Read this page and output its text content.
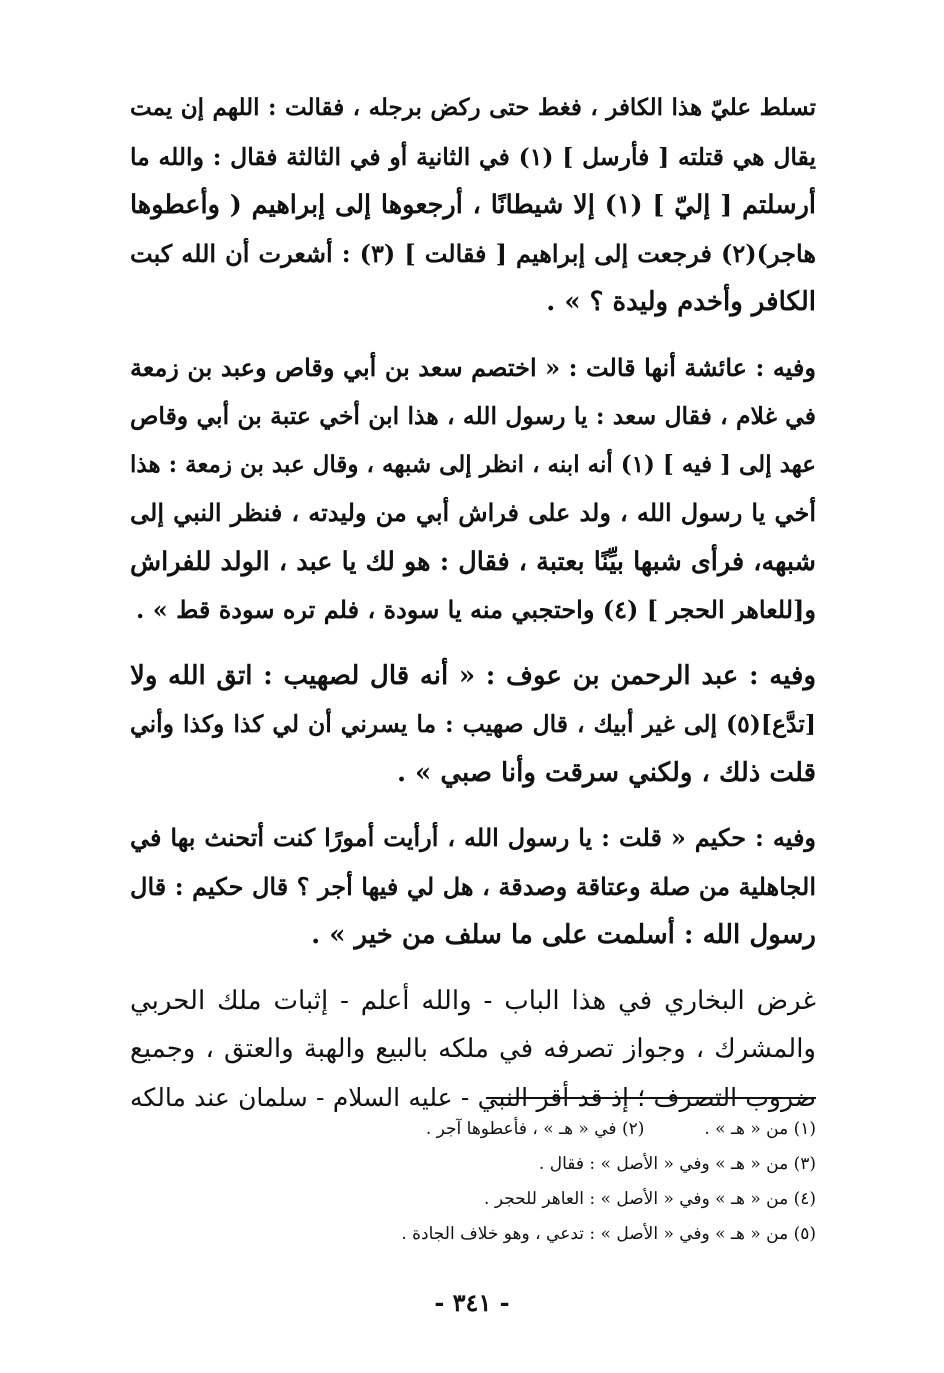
تسلط عليّ هذا الكافر ، فغط حتى ركض برجله ، فقالت : اللهم إن يمت
يقال هي قتلته [ فأرسل ] (١) في الثانية أو في الثالثة فقال : والله ما
أرسلتم [ إليّ ] (١) إلا شيطانًا ، أرجعوها إلى إبراهيم ( وأعطوها
هاجر)(٢) فرجعت إلى إبراهيم [ فقالت ] (٣) : أشعرت أن الله كبت
الكافر وأخدم وليدة ؟ » .
وفيه : عائشة أنها قالت : « اختصم سعد بن أبي وقاص وعبد بن زمعة
في غلام ، فقال سعد : يا رسول الله ، هذا ابن أخي عتبة بن أبي وقاص
عهد إلى [ فيه ] (١) أنه ابنه ، انظر إلى شبهه ، وقال عبد بن زمعة : هذا
أخي يا رسول الله ، ولد على فراش أبي من وليدته ، فنظر النبي إلى
شبهه، فرأى شبها بيِّنًا بعتبة ، فقال : هو لك يا عبد ، الولد للفراش
و[للعاهر الحجر ] (٤) واحتجبي منه يا سودة ، فلم تره سودة قط » .
وفيه : عبد الرحمن بن عوف : « أنه قال لصهيب : اتق الله ولا
[تدَّع](٥) إلى غير أبيك ، قال صهيب : ما يسرني أن لي كذا وكذا وأني
قلت ذلك ، ولكني سرقت وأنا صبي » .
وفيه : حكيم « قلت : يا رسول الله ، أرأيت أمورًا كنت أتحنث بها في
الجاهلية من صلة وعتاقة وصدقة ، هل لي فيها أجر ؟ قال حكيم : قال
رسول الله : أسلمت على ما سلف من خير » .
غرض البخاري في هذا الباب - والله أعلم - إثبات ملك الحربي
والمشرك ، وجواز تصرفه في ملكه بالبيع والهبة والعتق ، وجميع
ضروب التصرف ؛ إذ قد أقر النبي - عليه السلام - سلمان عند مالكه
(١) من « هـ » .(٢) في « هـ » ، فأعطوها آجر .
(٣) من « هـ » وفي « الأصل » : فقال .
(٤) من « هـ » وفي « الأصل » : العاهر للحجر .
(٥) من « هـ » وفي « الأصل » : تدعي ، وهو خلاف الجادة .
- ٣٤١ -
